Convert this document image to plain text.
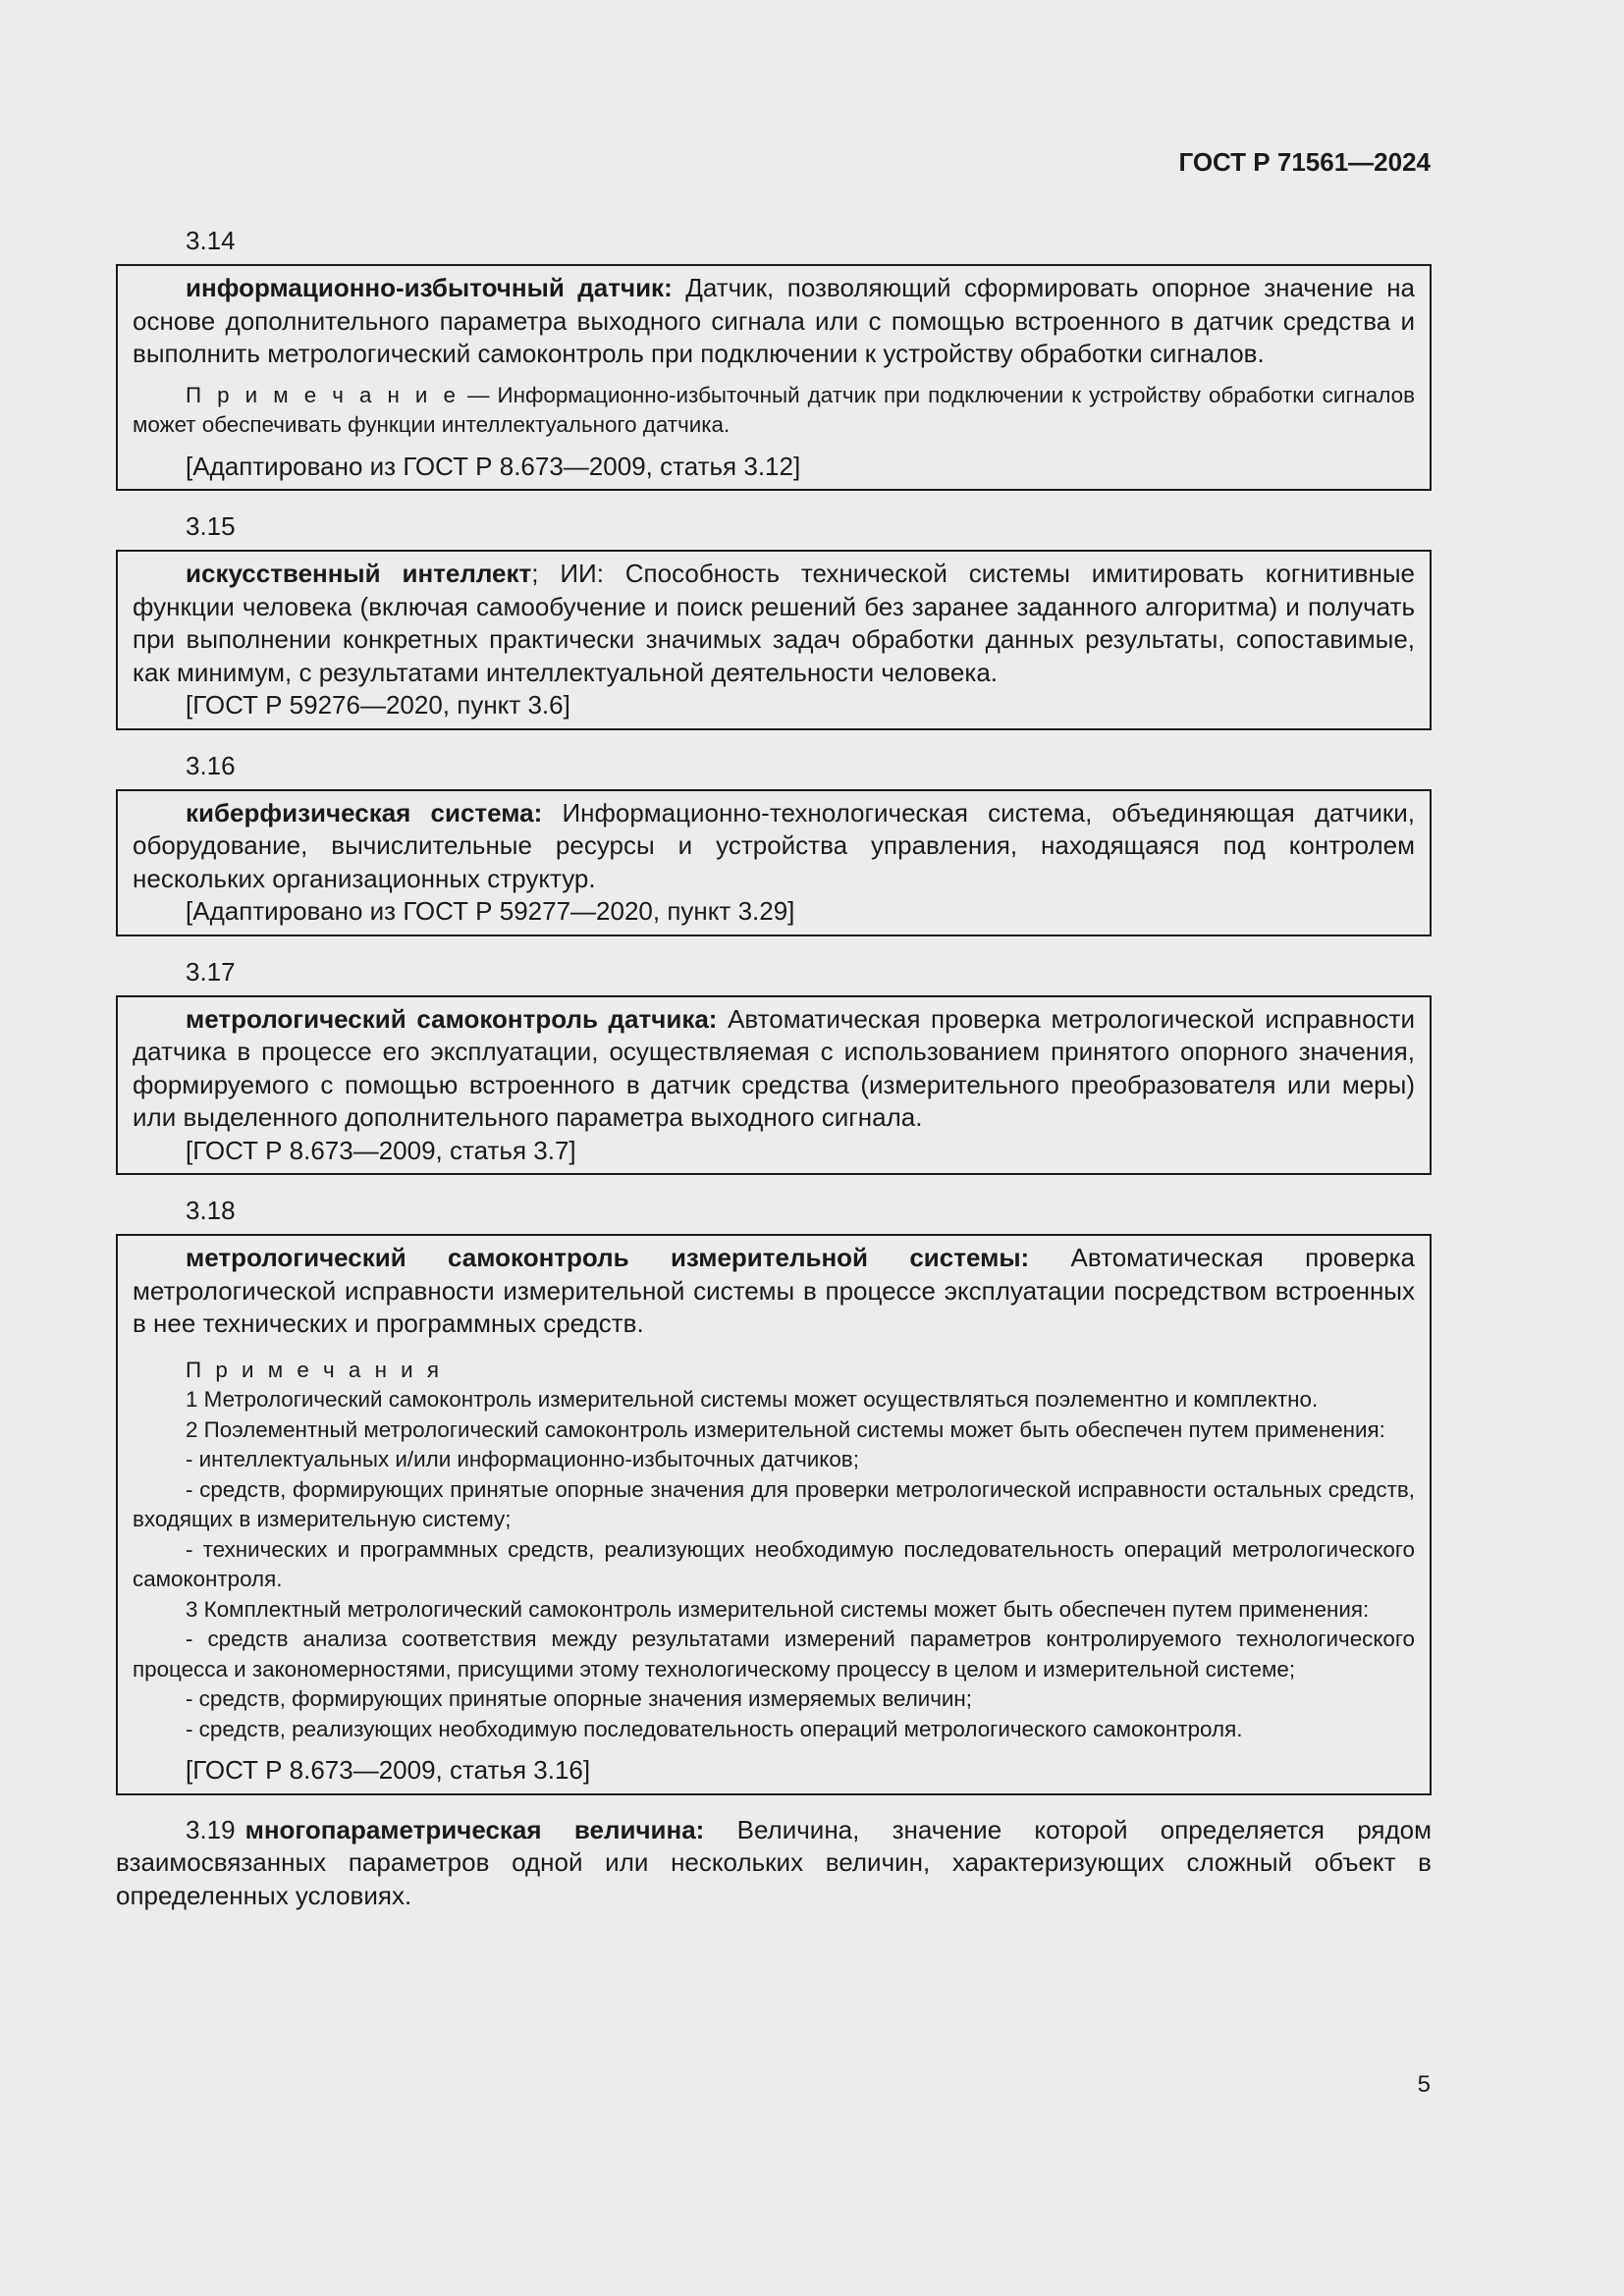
ГОСТ Р 71561—2024
3.14

информационно-избыточный датчик: Датчик, позволяющий сформировать опорное значение на основе дополнительного параметра выходного сигнала или с помощью встроенного в датчик средства и выполнить метрологический самоконтроль при подключении к устройству обработки сигналов.

П р и м е ч а н и е — Информационно-избыточный датчик при подключении к устройству обработки сигналов может обеспечивать функции интеллектуального датчика.

[Адаптировано из ГОСТ Р 8.673—2009, статья 3.12]

3.15

искусственный интеллект; ИИ: Способность технической системы имитировать когнитивные функции человека (включая самообучение и поиск решений без заранее заданного алгоритма) и получать при выполнении конкретных практически значимых задач обработки данных результаты, сопоставимые, как минимум, с результатами интеллектуальной деятельности человека.

[ГОСТ Р 59276—2020, пункт 3.6]

3.16

киберфизическая система: Информационно-технологическая система, объединяющая датчики, оборудование, вычислительные ресурсы и устройства управления, находящаяся под контролем нескольких организационных структур.

[Адаптировано из ГОСТ Р 59277—2020, пункт 3.29]

3.17

метрологический самоконтроль датчика: Автоматическая проверка метрологической исправности датчика в процессе его эксплуатации, осуществляемая с использованием принятого опорного значения, формируемого с помощью встроенного в датчик средства (измерительного преобразователя или меры) или выделенного дополнительного параметра выходного сигнала.

[ГОСТ Р 8.673—2009, статья 3.7]

3.18

метрологический самоконтроль измерительной системы: Автоматическая проверка метрологической исправности измерительной системы в процессе эксплуатации посредством встроенных в нее технических и программных средств.

П р и м е ч а н и я

1 Метрологический самоконтроль измерительной системы может осуществляться поэлементно и комплектно.

2 Поэлементный метрологический самоконтроль измерительной системы может быть обеспечен путем применения:

- интеллектуальных и/или информационно-избыточных датчиков;

- средств, формирующих принятые опорные значения для проверки метрологической исправности остальных средств, входящих в измерительную систему;

- технических и программных средств, реализующих необходимую последовательность операций метрологического самоконтроля.

3 Комплектный метрологический самоконтроль измерительной системы может быть обеспечен путем применения:

- средств анализа соответствия между результатами измерений параметров контролируемого технологического процесса и закономерностями, присущими этому технологическому процессу в целом и измерительной системе;

- средств, формирующих принятые опорные значения измеряемых величин;

- средств, реализующих необходимую последовательность операций метрологического самоконтроля.

[ГОСТ Р 8.673—2009, статья 3.16]

3.19 многопараметрическая величина: Величина, значение которой определяется рядом взаимосвязанных параметров одной или нескольких величин, характеризующих сложный объект в определенных условиях.

5
